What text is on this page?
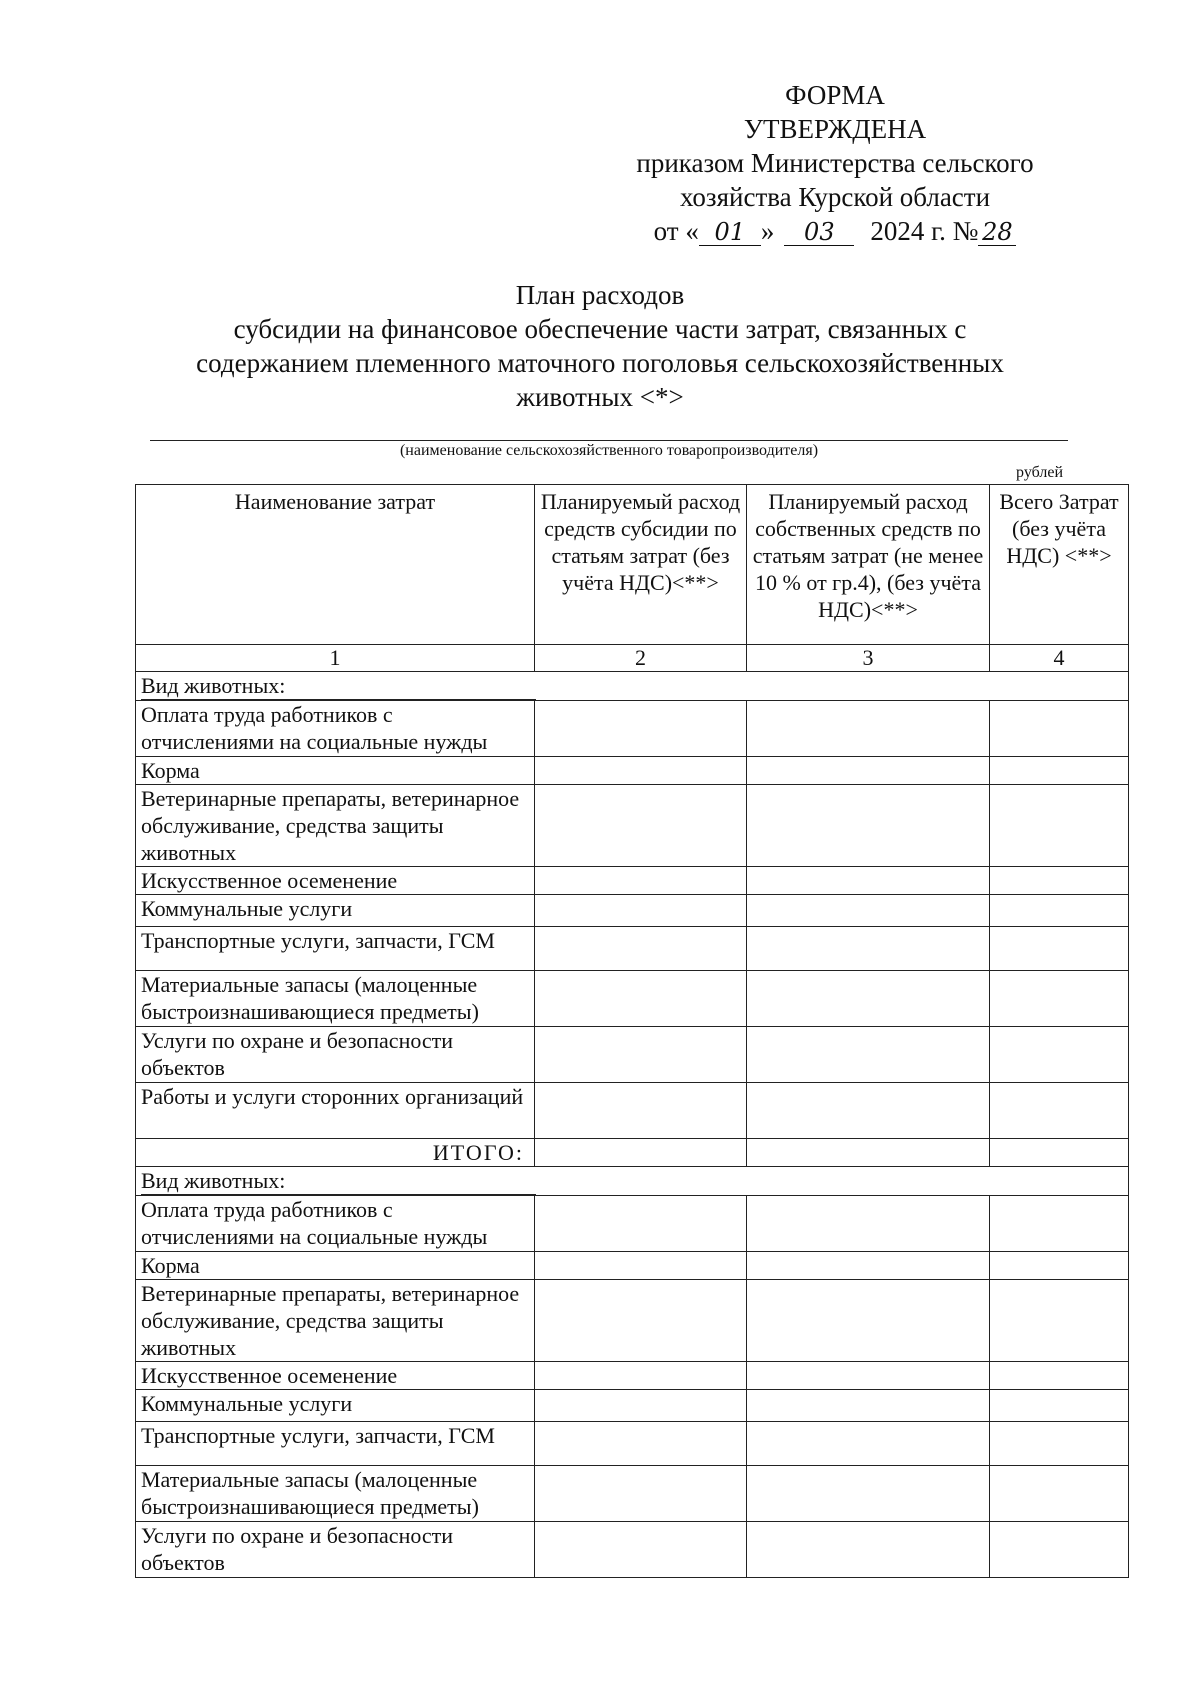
ФОРМА
УТВЕРЖДЕНА
приказом Министерства сельского
хозяйства Курской области
от « 01 » 03 2024 г. № 28
План расходов
субсидии на финансовое обеспечение части затрат, связанных с
содержанием племенного маточного поголовья сельскохозяйственных
животных <*>
(наименование сельскохозяйственного товаропроизводителя)
рублей
Наименование затрат	Планируемый расход средств субсидии по статьям затрат (без учёта НДС)<**>	Планируемый расход собственных средств по статьям затрат (не менее 10 % от гр.4), (без учёта НДС)<**>	Всего Затрат (без учёта НДС) <**>
1	2	3	4
Вид животных:			
Оплата труда работников с отчислениями на социальные нужды			
Корма			
Ветеринарные препараты, ветеринарное обслуживание, средства защиты животных			
Искусственное осеменение			
Коммунальные услуги			
Транспортные услуги, запчасти, ГСМ			
Материальные запасы (малоценные быстроизнашивающиеся предметы)			
Услуги по охране и безопасности объектов			
Работы и услуги сторонних организаций			
ИТОГО:			
Вид животных:			
Оплата труда работников с отчислениями на социальные нужды			
Корма			
Ветеринарные препараты, ветеринарное обслуживание, средства защиты животных			
Искусственное осеменение			
Коммунальные услуги			
Транспортные услуги, запчасти, ГСМ			
Материальные запасы (малоценные быстроизнашивающиеся предметы)			
Услуги по охране и безопасности объектов			
